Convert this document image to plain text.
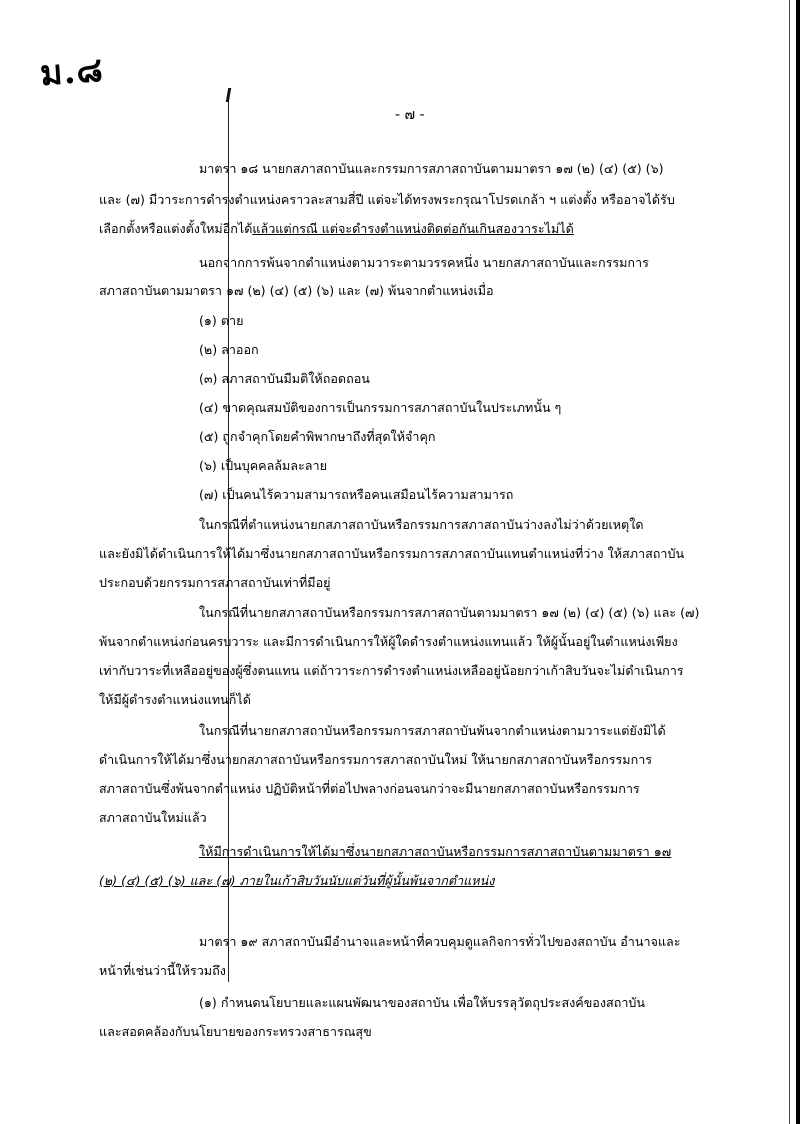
ม.๘
- ๗ -
มาตรา ๑๘ นายกสภาสถาบันและกรรมการสภาสถาบันตามมาตรา ๑๗ (๒) (๔) (๕) (๖)
และ (๗) มีวาระการดำรงตำแหน่งคราวละสามสี่ปี แต่จะได้ทรงพระกรุณาโปรดเกล้า ฯ แต่งตั้ง หรืออาจได้รับ
เลือกตั้งหรือแต่งตั้งใหม่อีกได้แล้วแต่กรณี แต่จะดำรงตำแหน่งติดต่อกันเกินสองวาระไม่ได้
นอกจากการพ้นจากตำแหน่งตามวาระตามวรรคหนึ่ง นายกสภาสถาบันและกรรมการ
สภาสถาบันตามมาตรา ๑๗ (๒) (๔) (๕) (๖) และ (๗) พ้นจากตำแหน่งเมื่อ
(๑) ตาย
(๒) ลาออก
(๓) สภาสถาบันมีมติให้ถอดถอน
(๔) ขาดคุณสมบัติของการเป็นกรรมการสภาสถาบันในประเภทนั้น ๆ
(๕) ถูกจำคุกโดยคำพิพากษาถึงที่สุดให้จำคุก
(๖) เป็นบุคคลล้มละลาย
(๗) เป็นคนไร้ความสามารถหรือคนเสมือนไร้ความสามารถ
ในกรณีที่ตำแหน่งนายกสภาสถาบันหรือกรรมการสภาสถาบันว่างลงไม่ว่าด้วยเหตุใด
และยังมิได้ดำเนินการให้ได้มาซึ่งนายกสภาสถาบันหรือกรรมการสภาสถาบันแทนตำแหน่งที่ว่าง ให้สภาสถาบัน
ประกอบด้วยกรรมการสภาสถาบันเท่าที่มีอยู่
ในกรณีที่นายกสภาสถาบันหรือกรรมการสภาสถาบันตามมาตรา ๑๗ (๒) (๔) (๕) (๖) และ (๗)
พ้นจากตำแหน่งก่อนครบวาระ และมีการดำเนินการให้ผู้ใดดำรงตำแหน่งแทนแล้ว ให้ผู้นั้นอยู่ในตำแหน่งเพียง
เท่ากับวาระที่เหลืออยู่ของผู้ซึ่งตนแทน แต่ถ้าวาระการดำรงตำแหน่งเหลืออยู่น้อยกว่าเก้าสิบวันจะไม่ดำเนินการ
ให้มีผู้ดำรงตำแหน่งแทนก็ได้
ในกรณีที่นายกสภาสถาบันหรือกรรมการสภาสถาบันพ้นจากตำแหน่งตามวาระแต่ยังมิได้
ดำเนินการให้ได้มาซึ่งนายกสภาสถาบันหรือกรรมการสภาสถาบันใหม่ ให้นายกสภาสถาบันหรือกรรมการ
สภาสถาบันซึ่งพ้นจากตำแหน่ง ปฏิบัติหน้าที่ต่อไปพลางก่อนจนกว่าจะมีนายกสภาสถาบันหรือกรรมการ
สภาสถาบันใหม่แล้ว
ให้มีการดำเนินการให้ได้มาซึ่งนายกสภาสถาบันหรือกรรมการสภาสถาบันตามมาตรา ๑๗
(๒) (๔) (๕) (๖) และ (๗) ภายในเก้าสิบวันนับแต่วันที่ผู้นั้นพ้นจากตำแหน่ง
มาตรา ๑๙ สภาสถาบันมีอำนาจและหน้าที่ควบคุมดูแลกิจการทั่วไปของสถาบัน อำนาจและ
หน้าที่เช่นว่านี้ให้รวมถึง
(๑) กำหนดนโยบายและแผนพัฒนาของสถาบัน เพื่อให้บรรลุวัตถุประสงค์ของสถาบัน
และสอดคล้องกับนโยบายของกระทรวงสาธารณสุข
